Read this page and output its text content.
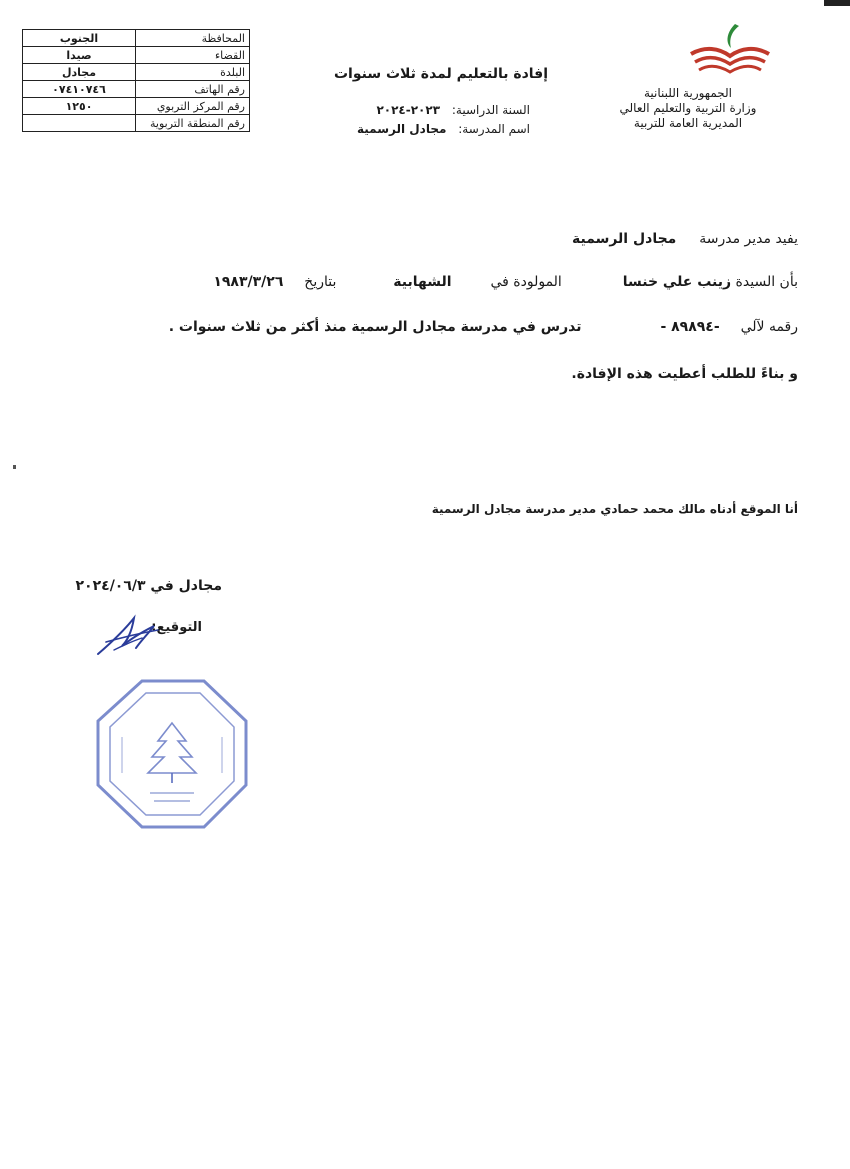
الجنوب	المحافظة
صيدا	القضاء
مجادل	البلدة
٠٧٤١٠٧٤٦	رقم الهاتف
١٢٥٠	رقم المركز التربوي
	رقم المنطقة التربوية
إفادة بالتعليم لمدة ثلاث سنوات
السنة الدراسية: ٢٠٢٣-٢٠٢٤
اسم المدرسة: مجادل الرسمية
الجمهورية اللبنانية
وزارة التربية والتعليم العالي
المديرية العامة للتربية
يفيد مدير مدرسة  مجادل الرسمية
بأن السيدة زينب علي خنسا  المولودة في  الشهابية  بتاريخ  ١٩٨٣/٣/٢٦
رقمه لآلي  -٨٩٨٩٤ -  تدرس في مدرسة مجادل الرسمية منذ أكثر من ثلاث سنوات .
و بناءً للطلب أعطيت هذه الإفادة.
أنا الموقع أدناه مالك محمد حمادي مدير مدرسة مجادل الرسمية
مجادل في ٢٠٢٤/٠٦/٣
التوقيع:
